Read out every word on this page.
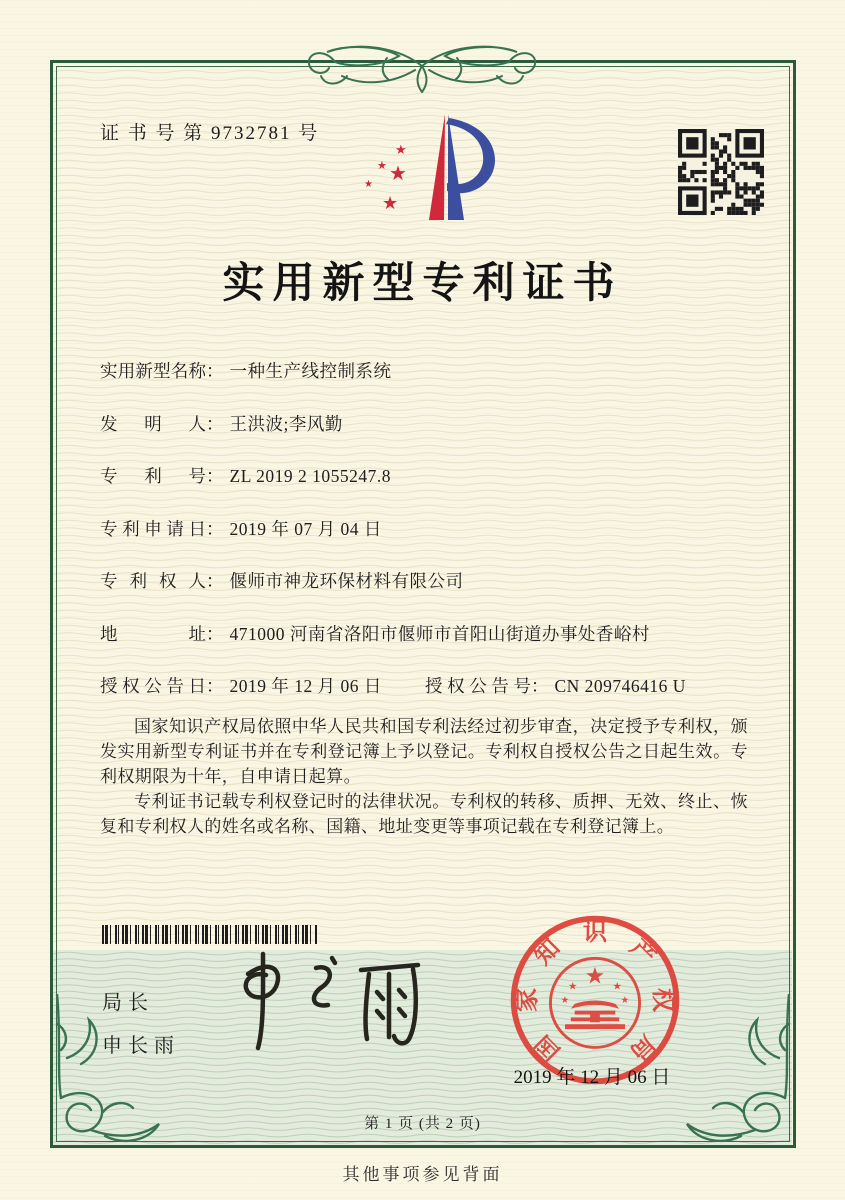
证 书 号 第 9732781 号
★
★
★ ★
★
实用新型专利证书
实用新型名称： 一种生产线控制系统
发明人： 王洪波;李风勤
专利号： ZL 2019 2 1055247.8
专利申请日： 2019 年 07 月 04 日
专利权人： 偃师市神龙环保材料有限公司
地址： 471000 河南省洛阳市偃师市首阳山街道办事处香峪村
授权公告日： 2019 年 12 月 06 日 授权公告号： CN 209746416 U

国家知识产权局依照中华人民共和国专利法经过初步审查，决定授予专利权，颁发实用新型专利证书并在专利登记簿上予以登记。专利权自授权公告之日起生效。专利权期限为十年，自申请日起算。

专利证书记载专利权登记时的法律状况。专利权的转移、质押、无效、终止、恢复和专利权人的姓名或名称、国籍、地址变更等事项记载在专利登记簿上。

局长
申长雨	国
家
知
识
产
权
局
★
★	★
★	★
2019 年 12 月 06 日
第 1 页 (共 2 页)
其他事项参见背面
